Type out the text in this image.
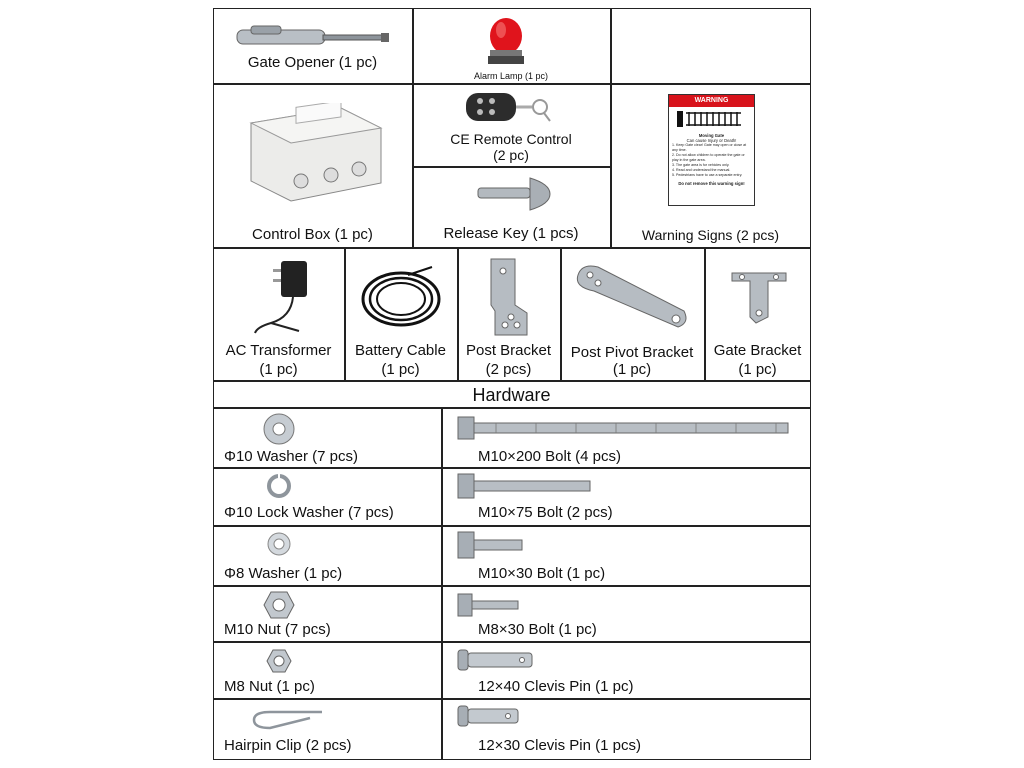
Gate Opener (1 pc)
Alarm Lamp (1 pc)
Control Box (1 pc)
CE Remote Control
(2 pc)
Release Key (1 pcs)	Warning Signs (2 pcs)
WARNING
Moving Gate
Can cause Injury or Death!
1. Keep Gate clear! Gate may open or close at any time.
2. Do not allow children to operate the gate or play in the gate area.
3. The gate area is for vehicles only.
4. Read and understand the manual.
5. Pedestrians have to use a separate entry.
Do not remove this warning sign!
AC Transformer
(1 pc)
Battery Cable
(1 pc)
Post Bracket
(2 pcs)
Post Pivot Bracket
(1 pc)
Gate Bracket
(1 pc)
Hardware
Φ10 Washer (7 pcs)
Φ10 Lock Washer (7 pcs)
Φ8 Washer (1 pc)
M10 Nut (7 pcs)
M8 Nut (1 pc)
Hairpin Clip (2 pcs)
M10×200 Bolt (4 pcs)
M10×75 Bolt (2 pcs)
M10×30 Bolt (1 pc)
M8×30 Bolt (1 pc)
12×40 Clevis Pin (1 pc)
12×30 Clevis Pin (1 pcs)
